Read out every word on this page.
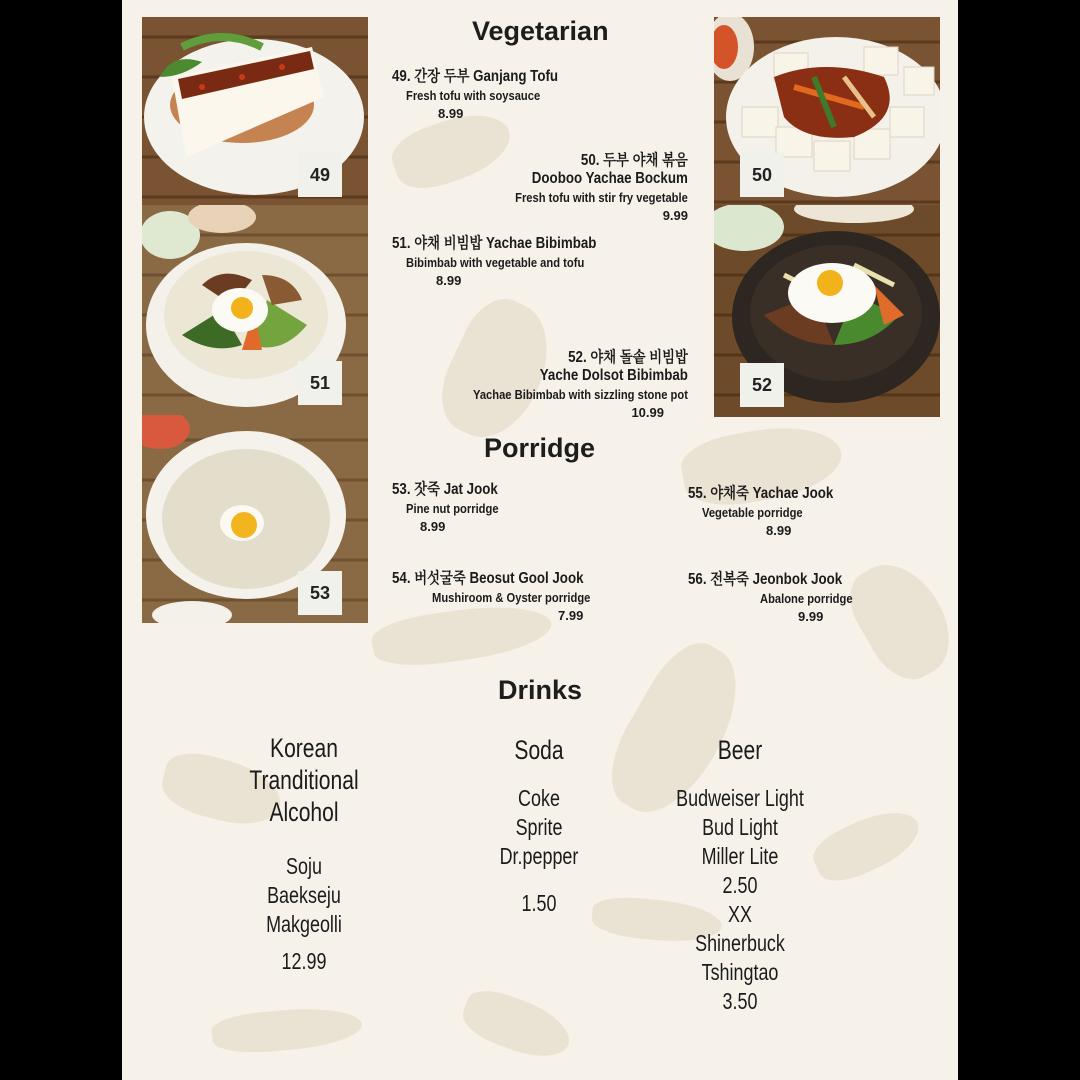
49
51
53
50
52
Vegetarian
49. 간장 두부 Ganjang Tofu
Fresh tofu with soysauce
8.99
50. 두부 야채 볶음
Dooboo Yachae Bockum
Fresh tofu with stir fry vegetable
9.99
51. 야채 비빔밥 Yachae Bibimbab
Bibimbab with vegetable and tofu
8.99
52. 야채 돌솥 비빔밥
Yache Dolsot Bibimbab
Yachae Bibimbab with sizzling stone pot
10.99
Porridge
53. 잣죽 Jat Jook
Pine nut porridge
8.99
54. 버섯굴죽 Beosut Gool Jook
Mushiroom & Oyster porridge
7.99
55. 야채죽 Yachae Jook
Vegetable porridge
8.99
56. 전복죽 Jeonbok Jook
Abalone porridge
9.99
Drinks
Korean Tranditional
Alcohol
Soju
Baekseju
Makgeolli
12.99
Soda
Coke
Sprite
Dr.pepper
1.50
Beer
Budweiser Light
Bud Light
Miller Lite
2.50
XX
Shinerbuck
Tshingtao
3.50
